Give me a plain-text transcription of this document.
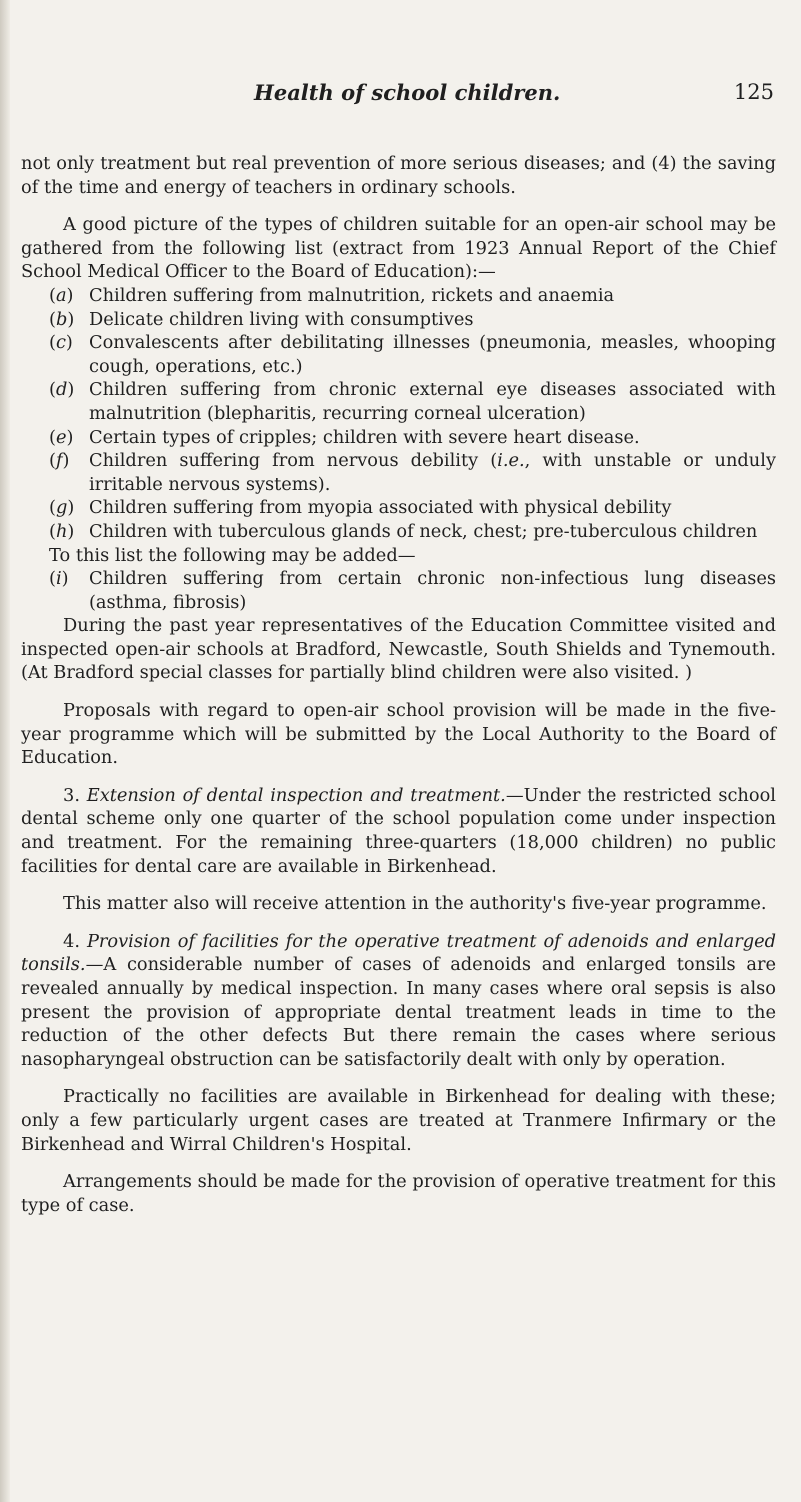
Health of school children.	125

not only treatment but real prevention of more serious diseases; and (4) the saving of the time and energy of teachers in ordinary schools.

A good picture of the types of children suitable for an open-air school may be gathered from the following list (extract from 1923 Annual Report of the Chief School Medical Officer to the Board of Education):—

(a) Children suffering from malnutrition, rickets and anaemia
(b) Delicate children living with consumptives
(c) Convalescents after debilitating illnesses (pneumonia, measles, whooping cough, operations, etc.)
(d) Children suffering from chronic external eye diseases associated with malnutrition (blepharitis, recurring corneal ulceration)
(e) Certain types of cripples; children with severe heart disease.
(f) Children suffering from nervous debility (i.e., with unstable or unduly irritable nervous systems).
(g) Children suffering from myopia associated with physical debility
(h) Children with tuberculous glands of neck, chest; pre-tuberculous children

To this list the following may be added—

(i) Children suffering from certain chronic non-infectious lung diseases (asthma, fibrosis)

During the past year representatives of the Education Committee visited and inspected open-air schools at Bradford, Newcastle, South Shields and Tynemouth. (At Bradford special classes for partially blind children were also visited. )

Proposals with regard to open-air school provision will be made in the five-year programme which will be submitted by the Local Authority to the Board of Education.

3. Extension of dental inspection and treatment.—Under the restricted school dental scheme only one quarter of the school population come under inspection and treatment. For the remaining three-quarters (18,000 children) no public facilities for dental care are available in Birkenhead.

This matter also will receive attention in the authority's five-year programme.

4. Provision of facilities for the operative treatment of adenoids and enlarged tonsils.—A considerable number of cases of adenoids and enlarged tonsils are revealed annually by medical inspection. In many cases where oral sepsis is also present the provision of appropriate dental treatment leads in time to the reduction of the other defects But there remain the cases where serious nasopharyngeal obstruction can be satisfactorily dealt with only by operation.

Practically no facilities are available in Birkenhead for dealing with these; only a few particularly urgent cases are treated at Tranmere Infirmary or the Birkenhead and Wirral Children's Hospital.

Arrangements should be made for the provision of operative treatment for this type of case.
